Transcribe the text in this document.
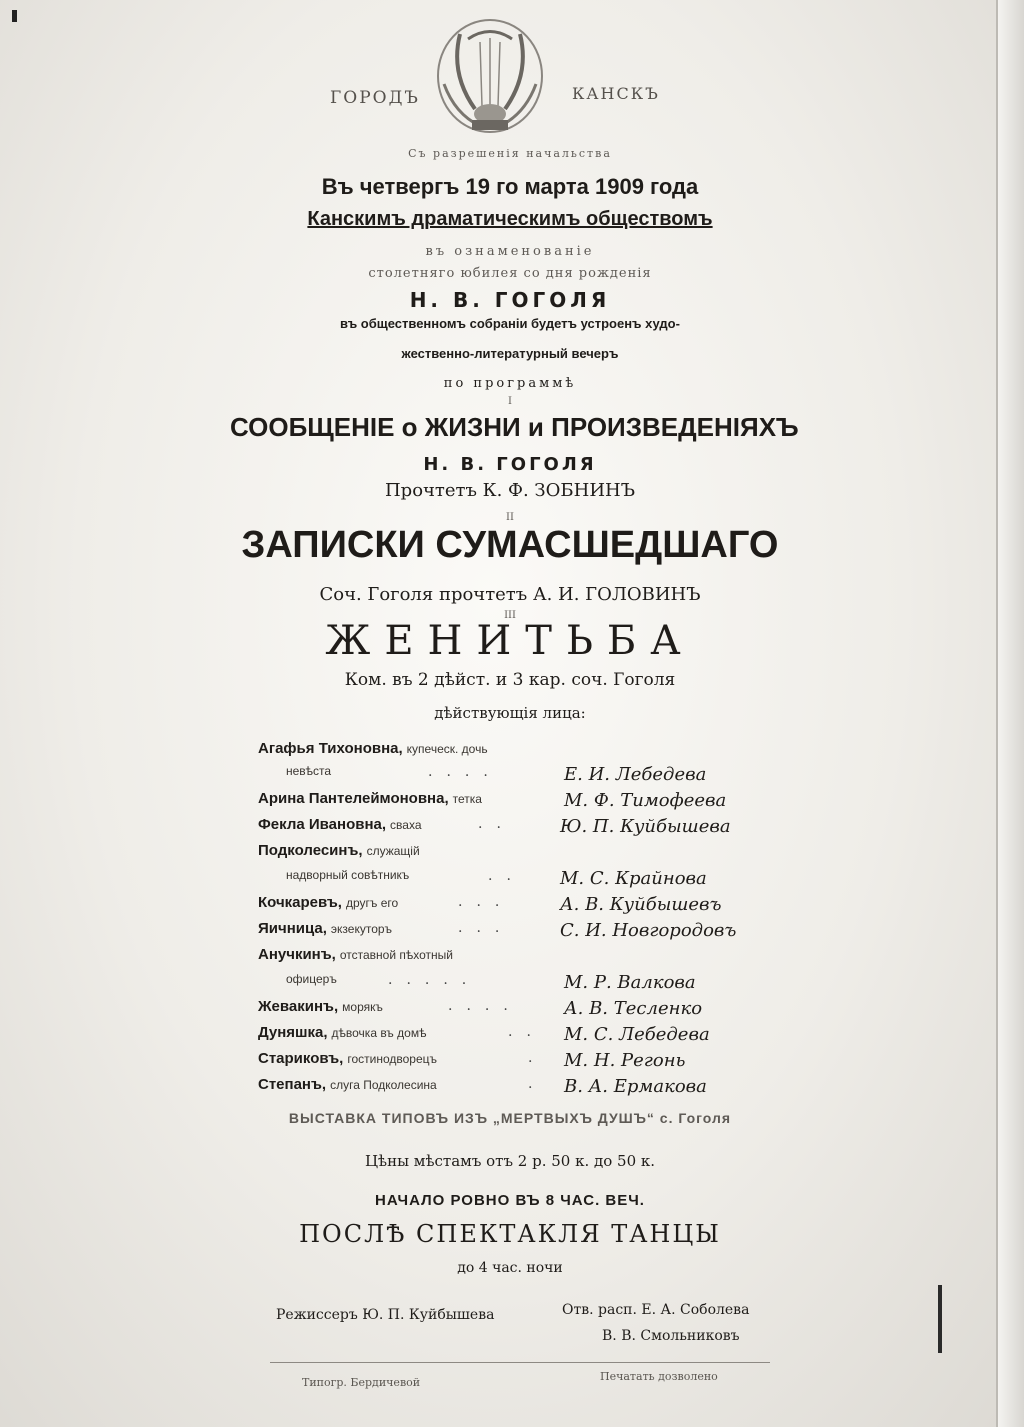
ГОРОДЪ	КАНСКЪ
Съ разрешенія начальства
Въ четвергъ 19 го марта 1909 года
Канскимъ драматическимъ обществомъ
въ ознаменованіе
столетняго юбилея со дня рожденія
Н. В. ГОГОЛЯ
въ общественномъ собраніи будетъ устроенъ худо-
жественно-литературный вечеръ
по программѣ
I
СООБЩЕНІЕ о ЖИЗНИ и ПРОИЗВЕДЕНІЯХЪ
Н. В. ГОГОЛЯ
Прочтетъ К. Ф. ЗОБНИНЪ
II
ЗАПИСКИ СУМАСШЕДШАГО
Соч. Гоголя прочтетъ А. И. ГОЛОВИНЪ
III
ЖЕНИТЬБА
Ком. въ 2 дѣйст. и 3 кар. соч. Гоголя
дѣйствующія лица:
Агафья Тихоновна, купеческ. дочь
невѣста	....	Е. И. Лебедева
Арина Пантелеймоновна, тетка	М. Ф. Тимофеева
Фекла Ивановна, сваха	..	Ю. П. Куйбышева
Подколесинъ, служащій
надворный совѣтникъ	.. М. С. Крайнова
Кочкаревъ, другъ его	...	А. В. Куйбышевъ
Яичница, экзекуторъ	...	С. И. Новгородовъ
Анучкинъ, отставной пѣхотный
офицеръ	.....	М. Р. Валкова
Жевакинъ, морякъ	.... А. В. Тесленко
Дуняшка, дѣвочка въ домѣ	.. М. С. Лебедева
Стариковъ, гостинодворецъ	. М. Н. Регонь
Степанъ, слуга Подколесина	. В. А. Ермакова
ВЫСТАВКА ТИПОВЪ ИЗЪ „МЕРТВЫХЪ ДУШЪ“ с. Гоголя
Цѣны мѣстамъ отъ 2 р. 50 к. до 50 к.
НАЧАЛО РОВНО ВЪ 8 ЧАС. ВЕЧ.
ПОСЛѢ СПЕКТАКЛЯ ТАНЦЫ
до 4 час. ночи
Режиссеръ Ю. П. Куйбышева	Отв. расп. Е. А. Соболева
В. В. Смольниковъ
Типогр. Бердичевой	Печатать дозволено
